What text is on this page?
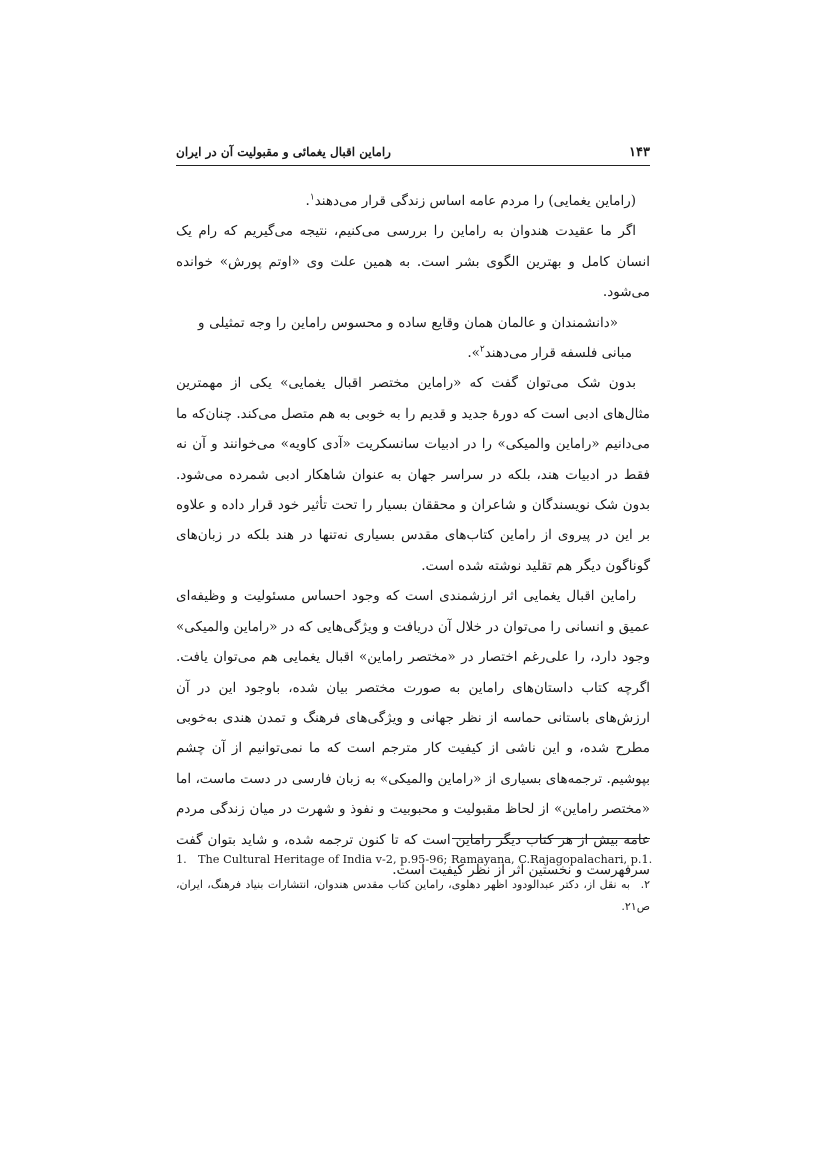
راماین اقبال یغمائی و مقبولیت آن در ایران	۱۴۳

(راماین یغمایی) را مردم عامه اساس زندگی قرار می‌دهند$^۱$.

اگر ما عقیدت هندوان به راماین را بررسی می‌کنیم، نتیجه می‌گیریم که رام یک انسان کامل و بهترین الگوی بشر است. به همین علت وی «اوتم پورش» خوانده می‌شود.

«دانشمندان و عالمان همان وقایع ساده و محسوس راماین را وجه تمثیلی و مبانی فلسفه قرار می‌دهند$^۲$».

بدون شک می‌توان گفت که «راماین مختصر اقبال یغمایی» یکی از مهمترین مثال‌های ادبی است که دورهٔ جدید و قدیم را به خوبی به هم متصل می‌کند. چنان‌که ما می‌دانیم «راماین والمیکی» را در ادبیات سانسکریت «آدی کاویه» می‌خوانند و آن نه فقط در ادبیات هند، بلکه در سراسر جهان به عنوان شاهکار ادبی شمرده می‌شود. بدون شک نویسندگان و شاعران و محققان بسیار را تحت تأثیر خود قرار داده و علاوه بر این در پیروی از راماین کتاب‌های مقدس بسیاری نه‌تنها در هند بلکه در زبان‌های گوناگون دیگر هم تقلید نوشته شده است.

راماین اقبال یغمایی اثر ارزشمندی است که وجود احساس مسئولیت و وظیفه‌ای عمیق و انسانی را می‌توان در خلال آن دریافت و ویژگی‌هایی که در «راماین والمیکی» وجود دارد، را علی‌رغم اختصار در «مختصر راماین» اقبال یغمایی هم می‌توان یافت. اگرچه کتاب داستان‌های راماین به صورت مختصر بیان شده، باوجود این در آن ارزش‌های باستانی حماسه از نظر جهانی و ویژگی‌های فرهنگ و تمدن هندی به‌خوبی مطرح شده، و این ناشی از کیفیت کار مترجم است که ما نمی‌توانیم از آن چشم بپوشیم. ترجمه‌های بسیاری از «راماین والمیکی» به زبان فارسی در دست ماست، اما «مختصر راماین» از لحاظ مقبولیت و محبوبیت و نفوذ و شهرت در میان زندگی مردم عامه بیش از هر کتاب دیگر راماین است که تا کنون ترجمه شده، و شاید بتوان گفت سرفهرست و نخستین اثر از نظر کیفیت است.

1. The Cultural Heritage of India v-2, p.95-96; Ramayana, C.Rajagopalachari, p.1.
۲.به نقل از، دکتر عبدالودود اظهر دهلوی، راماین کتاب مقدس هندوان، انتشارات بنیاد فرهنگ، ایران، ص۲۱.
